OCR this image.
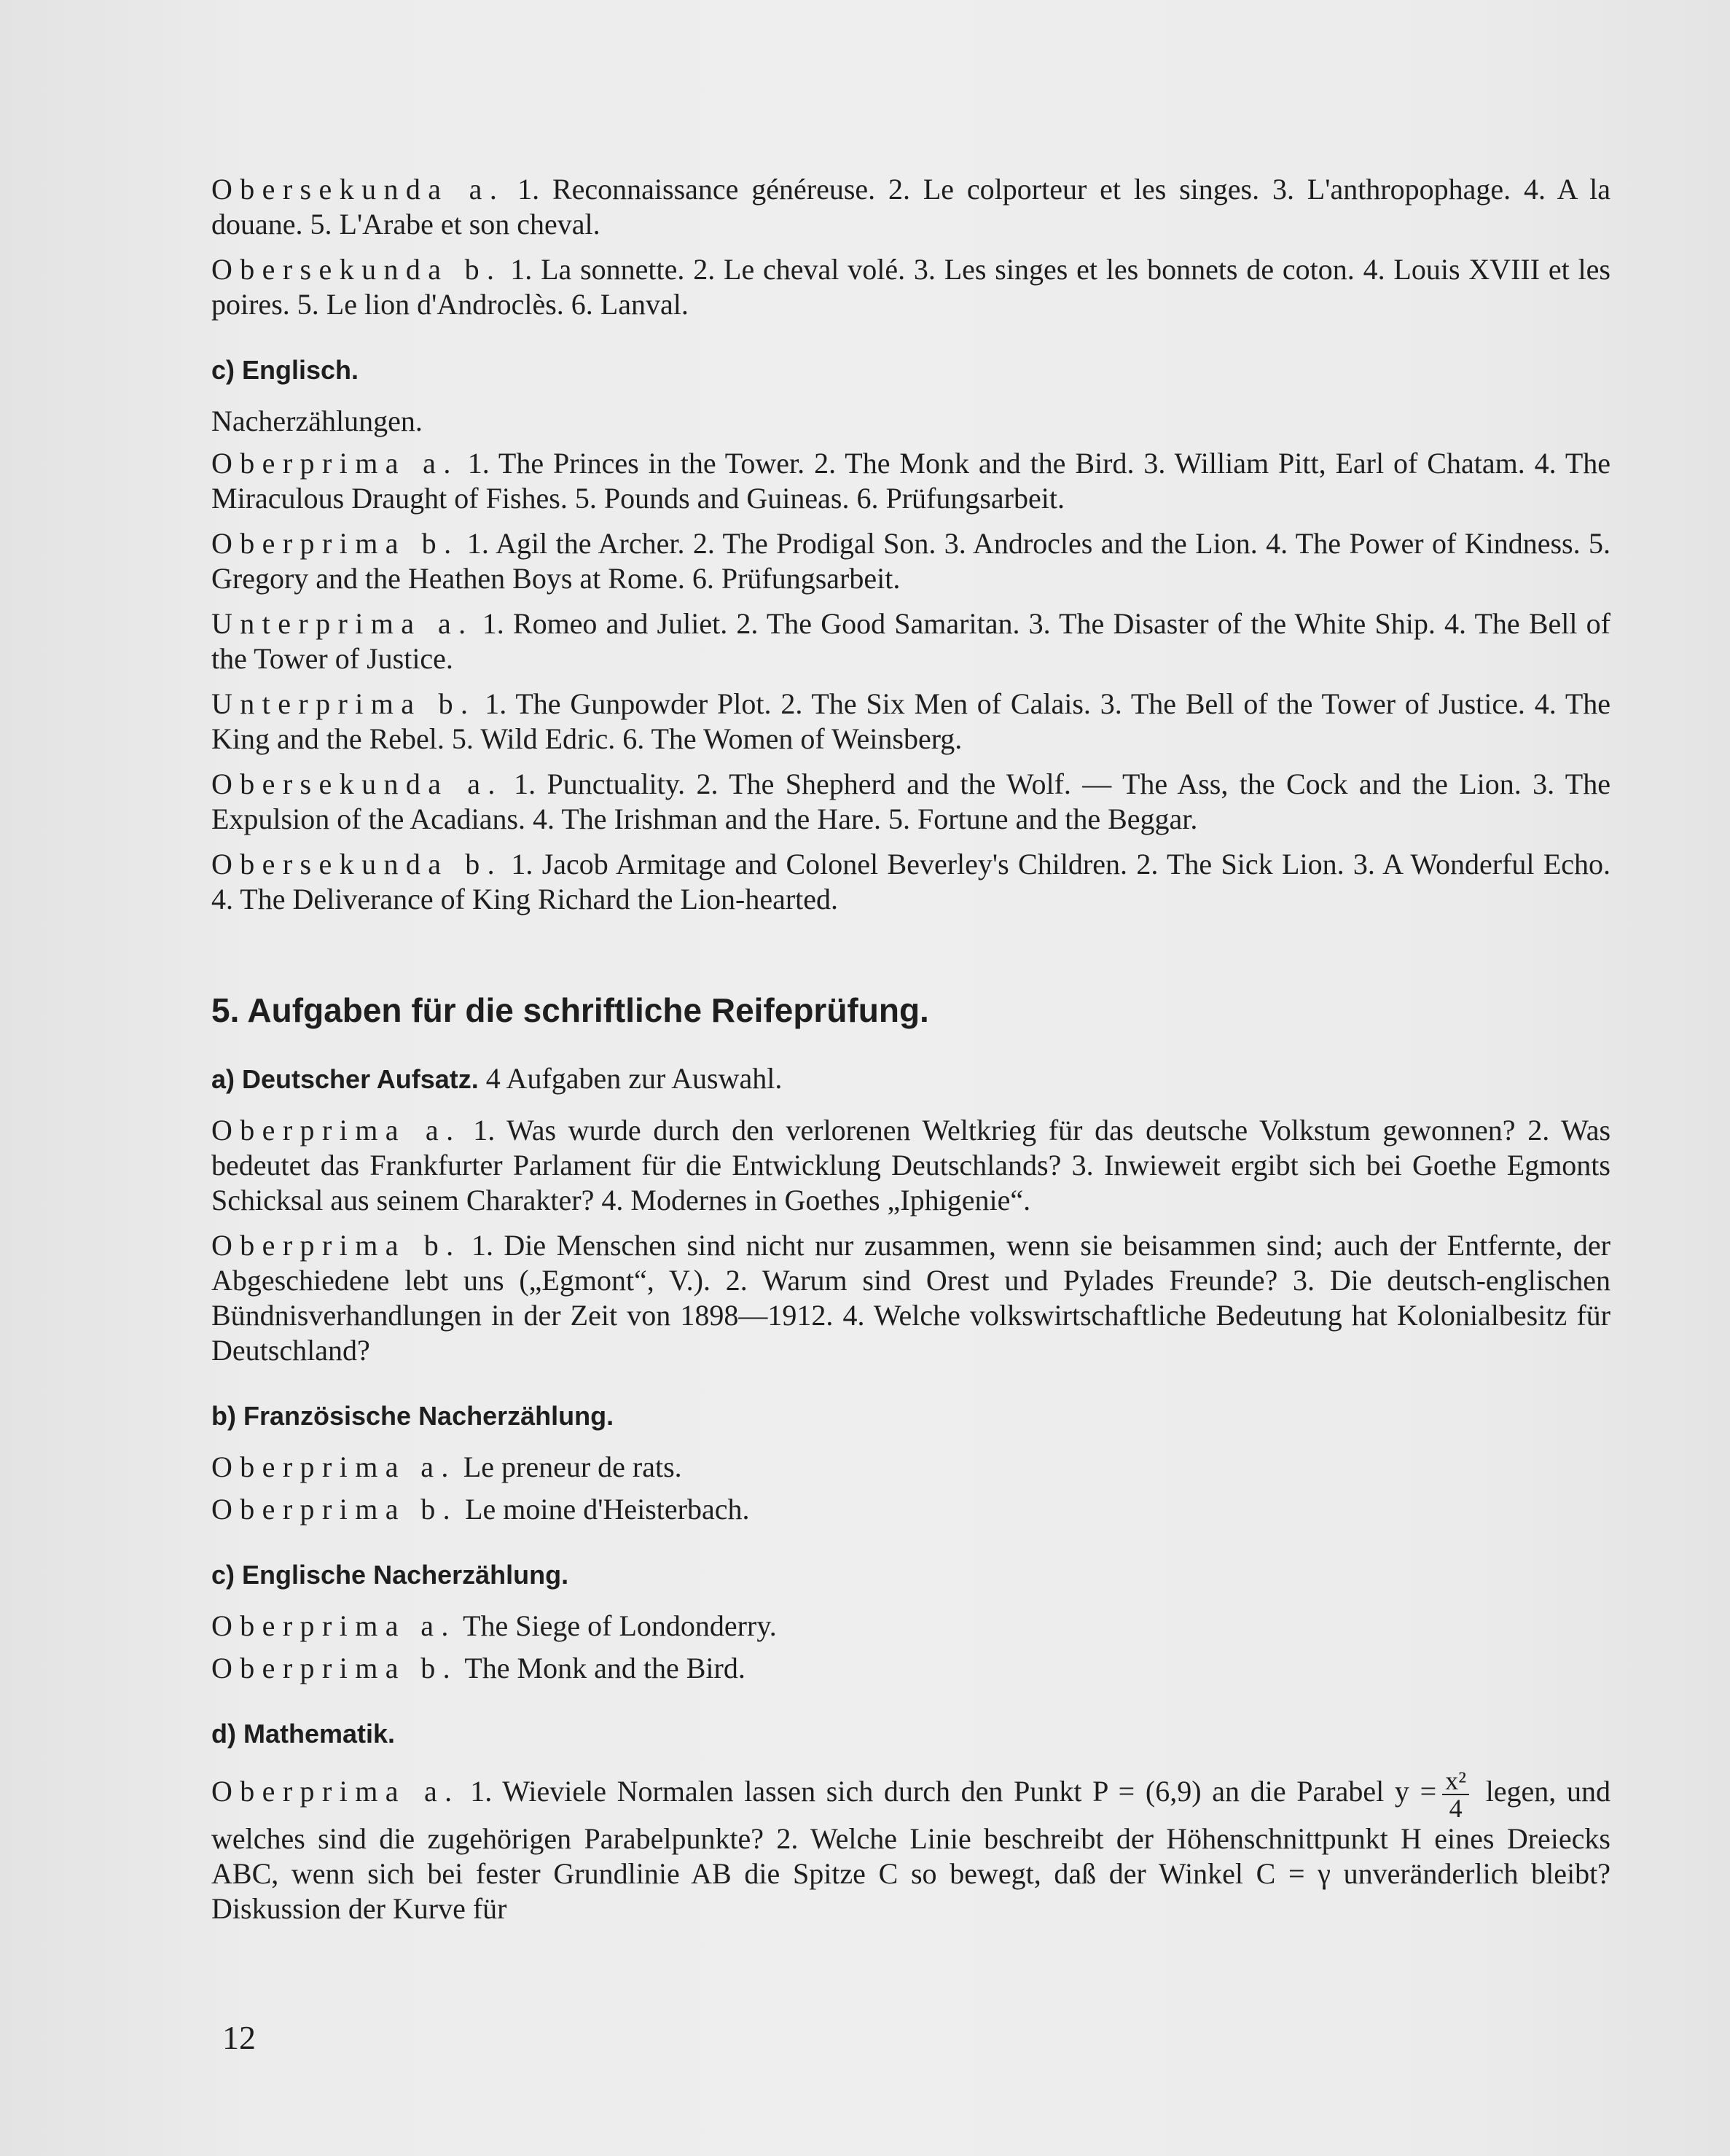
Obersekunda a. 1. Reconnaissance généreuse. 2. Le colporteur et les singes. 3. L'anthropophage. 4. A la douane. 5. L'Arabe et son cheval.

Obersekunda b. 1. La sonnette. 2. Le cheval volé. 3. Les singes et les bonnets de coton. 4. Louis XVIII et les poires. 5. Le lion d'Androclès. 6. Lanval.

c) Englisch.

Nacherzählungen.

Oberprima a. 1. The Princes in the Tower. 2. The Monk and the Bird. 3. William Pitt, Earl of Chatam. 4. The Miraculous Draught of Fishes. 5. Pounds and Guineas. 6. Prüfungsarbeit.

Oberprima b. 1. Agil the Archer. 2. The Prodigal Son. 3. Androcles and the Lion. 4. The Power of Kindness. 5. Gregory and the Heathen Boys at Rome. 6. Prüfungsarbeit.

Unterprima a. 1. Romeo and Juliet. 2. The Good Samaritan. 3. The Disaster of the White Ship. 4. The Bell of the Tower of Justice.

Unterprima b. 1. The Gunpowder Plot. 2. The Six Men of Calais. 3. The Bell of the Tower of Justice. 4. The King and the Rebel. 5. Wild Edric. 6. The Women of Weinsberg.

Obersekunda a. 1. Punctuality. 2. The Shepherd and the Wolf. — The Ass, the Cock and the Lion. 3. The Expulsion of the Acadians. 4. The Irishman and the Hare. 5. Fortune and the Beggar.

Obersekunda b. 1. Jacob Armitage and Colonel Beverley's Children. 2. The Sick Lion. 3. A Wonderful Echo. 4. The Deliverance of King Richard the Lion-hearted.

5. Aufgaben für die schriftliche Reifeprüfung.
a) Deutscher Aufsatz. 4 Aufgaben zur Auswahl.

Oberprima a. 1. Was wurde durch den verlorenen Weltkrieg für das deutsche Volkstum gewonnen? 2. Was bedeutet das Frankfurter Parlament für die Entwicklung Deutschlands? 3. Inwieweit ergibt sich bei Goethe Egmonts Schicksal aus seinem Charakter? 4. Modernes in Goethes „Iphigenie“.

Oberprima b. 1. Die Menschen sind nicht nur zusammen, wenn sie beisammen sind; auch der Entfernte, der Abgeschiedene lebt uns („Egmont“, V.). 2. Warum sind Orest und Pylades Freunde? 3. Die deutsch-englischen Bündnisverhandlungen in der Zeit von 1898—1912. 4. Welche volkswirtschaftliche Bedeutung hat Kolonialbesitz für Deutschland?

b) Französische Nacherzählung.

Oberprima a. Le preneur de rats.

Oberprima b. Le moine d'Heisterbach.

c) Englische Nacherzählung.

Oberprima a. The Siege of Londonderry.

Oberprima b. The Monk and the Bird.

d) Mathematik.

Oberprima a. 1. Wieviele Normalen lassen sich durch den Punkt P = (6,9) an die Parabel $y = \frac{\text{x²}}{4}$ legen, und welches sind die zugehörigen Parabelpunkte? 2. Welche Linie beschreibt der Höhenschnittpunkt H eines Dreiecks ABC, wenn sich bei fester Grundlinie AB die Spitze C so bewegt, daß der Winkel C = γ unveränderlich bleibt? Diskussion der Kurve für

12
